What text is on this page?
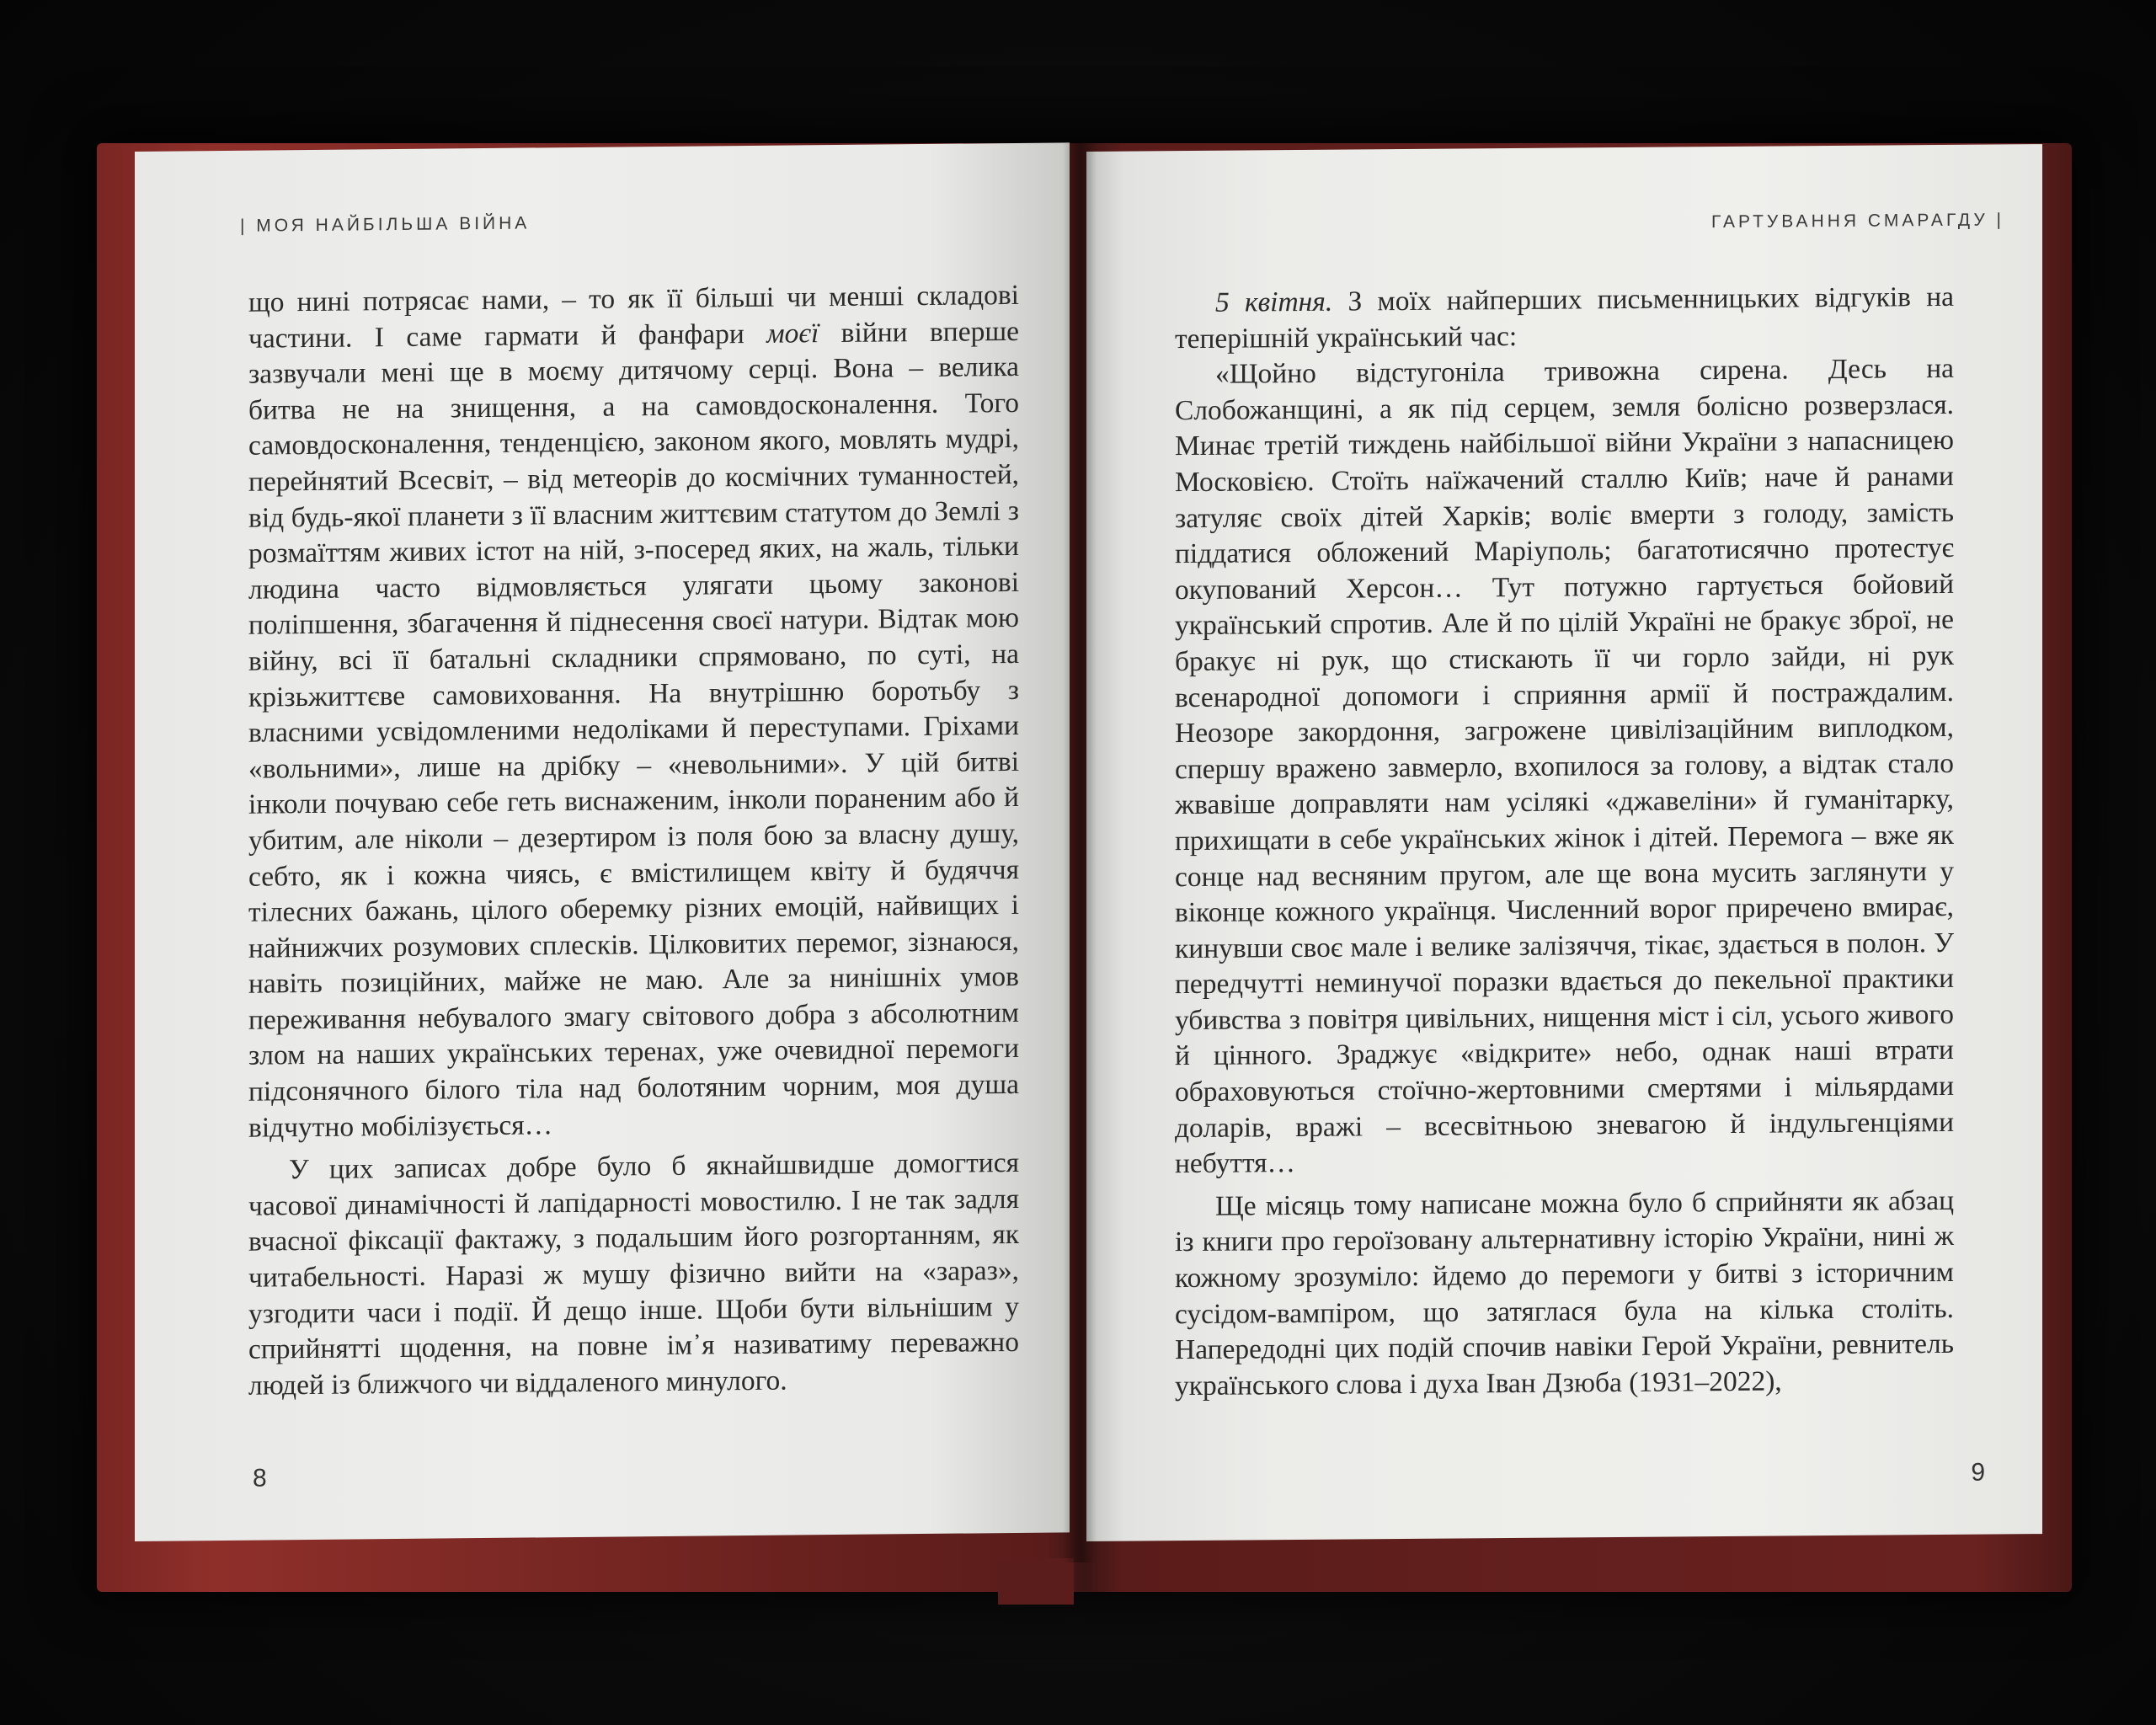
| МОЯ НАЙБІЛЬША ВІЙНА

що нині потрясає нами, – то як її більші чи менші складові частини. І саме гармати й фанфари моєї війни вперше зазвучали мені ще в моєму дитячому серці. Вона – велика битва не на знищення, а на самовдосконалення. Того самовдосконалення, тенденцією, законом якого, мовлять мудрі, перейнятий Всесвіт, – від метеорів до космічних туманностей, від будь-якої планети з її власним життєвим статутом до Землі з розмаїттям живих істот на ній, з-посеред яких, на жаль, тільки людина часто відмовляється улягати цьому законові поліпшення, збагачення й піднесення своєї натури. Відтак мою війну, всі її батальні складники спрямовано, по суті, на крізьжиттєве самовиховання. На внутрішню боротьбу з власними усвідомленими недоліками й переступами. Гріхами «вольними», лише на дрібку – «невольними». У цій битві інколи почуваю себе геть виснаженим, інколи пораненим або й убитим, але ніколи – дезертиром із поля бою за власну душу, себто, як і кожна чиясь, є вмістилищем квіту й будяччя тілесних бажань, цілого оберемку різних емоцій, найвищих і найнижчих розумових сплесків. Цілковитих перемог, зізнаюся, навіть позиційних, майже не маю. Але за нинішніх умов переживання небувалого змагу світового добра з абсолютним злом на наших українських теренах, уже очевидної перемоги підсонячного білого тіла над болотяним чорним, моя душа відчутно мобілізується…

У цих записах добре було б якнайшвидше домогтися часової динамічності й лапідарності мовостилю. І не так задля вчасної фіксації фактажу, з подальшим його розгортанням, як читабельності. Наразі ж мушу фізично вийти на «зараз», узгодити часи і події. Й дещо інше. Щоби бути вільнішим у сприйнятті щодення, на повне ім᾽я називатиму переважно людей із ближчого чи віддаленого минулого.

8
ГАРТУВАННЯ СМАРАГДУ |

5 квітня. З моїх найперших письменницьких відгуків на теперішній український час:

«Щойно відстугоніла тривожна сирена. Десь на Слобожанщині, а як під серцем, земля болісно розверзлася. Минає третій тиждень найбільшої війни України з напасницею Московією. Стоїть наїжачений сталлю Київ; наче й ранами затуляє своїх дітей Харків; воліє вмерти з голоду, замість піддатися обложений Маріуполь; багатотисячно протестує окупований Херсон… Тут потужно гартується бойовий український спротив. Але й по цілій Україні не бракує зброї, не бракує ні рук, що стискають її чи горло зайди, ні рук всенародної допомоги і сприяння армії й постраждалим. Неозоре закордоння, загрожене цивілізаційним виплодком, спершу вражено завмерло, вхопилося за голову, а відтак стало жвавіше доправляти нам усілякі «джавеліни» й гуманітарку, прихищати в себе українських жінок і дітей. Перемога – вже як сонце над весняним пругом, але ще вона мусить заглянути у віконце кожного українця. Численний ворог приречено вмирає, кинувши своє мале і велике залізяччя, тікає, здається в полон. У передчутті неминучої поразки вдається до пекельної практики убивства з повітря цивільних, нищення міст і сіл, усього живого й цінного. Зраджує «відкрите» небо, однак наші втрати обраховуються стоїчно-жертовними смертями і мільярдами доларів, вражі – всесвітньою зневагою й індульгенціями небуття…

Ще місяць тому написане можна було б сприйняти як абзац із книги про героїзовану альтернативну історію України, нині ж кожному зрозуміло: йдемо до перемоги у битві з історичним сусідом-вампіром, що затяглася була на кілька століть. Напередодні цих подій спочив навіки Герой України, ревнитель українського слова і духа Іван Дзюба (1931–2022),

9
